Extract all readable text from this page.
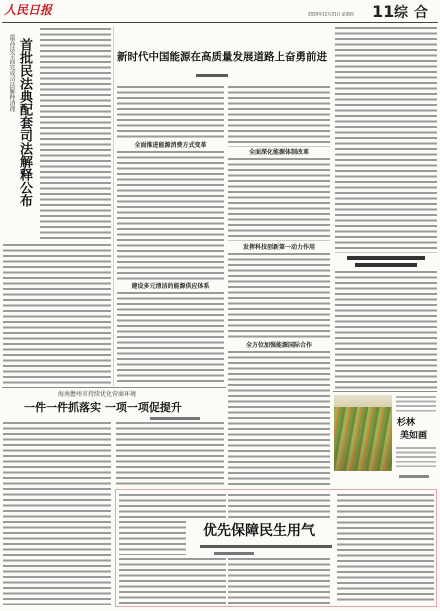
人民日报	2020年12月31日 星期四 11 综合
最高法全面完成司法解释清理 首批民法典配套司法解释公布	新时代中国能源在高质量发展道路上奋勇前进
全面推进能源消费方式变革
建设多元清洁的能源供应体系
全面深化能源体制改革
发挥科技创新第一动力作用
全方位加强能源国际合作
海南儋州市持续优化营商环境
一件一件抓落实 一项一项促提升
杉林
美如画
优先保障民生用气
